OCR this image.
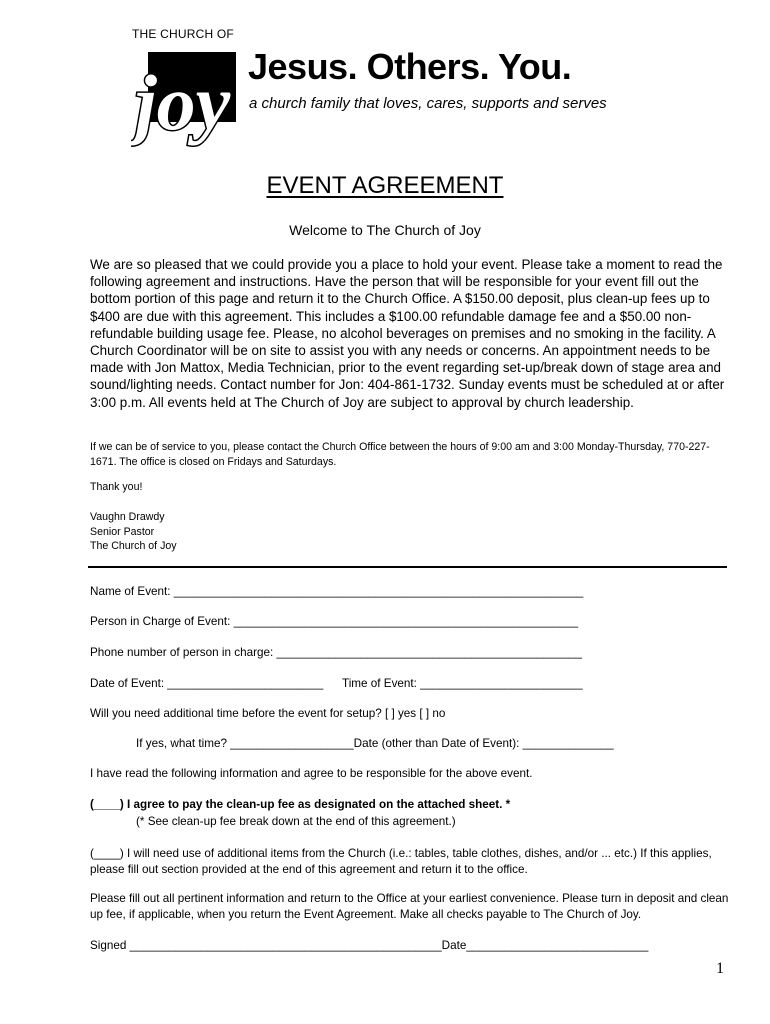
THE CHURCH OF
joy Jesus. Others. You.
a church family that loves, cares, supports and serves
EVENT AGREEMENT
Welcome to The Church of Joy
We are so pleased that we could provide you a place to hold your event. Please take a moment to read the following agreement and instructions. Have the person that will be responsible for your event fill out the bottom portion of this page and return it to the Church Office. A $150.00 deposit, plus clean-up fees up to $400 are due with this agreement. This includes a $100.00 refundable damage fee and a $50.00 non-refundable building usage fee. Please, no alcohol beverages on premises and no smoking in the facility. A Church Coordinator will be on site to assist you with any needs or concerns. An appointment needs to be made with Jon Mattox, Media Technician, prior to the event regarding set-up/break down of stage area and sound/lighting needs. Contact number for Jon: 404-861-1732. Sunday events must be scheduled at or after 3:00 p.m. All events held at The Church of Joy are subject to approval by church leadership.
If we can be of service to you, please contact the Church Office between the hours of 9:00 am and 3:00 Monday-Thursday, 770-227-1671. The office is closed on Fridays and Saturdays.
Thank you!
Vaughn Drawdy
Senior Pastor
The Church of Joy
Name of Event: _______________________________________________________________
Person in Charge of Event: _____________________________________________________
Phone number of person in charge: _______________________________________________
Date of Event: ________________________ Time of Event: _________________________
Will you need additional time before the event for setup? [ ] yes [ ] no
If yes, what time? ___________________Date (other than Date of Event): ______________
I have read the following information and agree to be responsible for the above event.
(____) I agree to pay the clean-up fee as designated on the attached sheet. *
(* See clean-up fee break down at the end of this agreement.)
(____) I will need use of additional items from the Church (i.e.: tables, table clothes, dishes, and/or ... etc.) If this applies, please fill out section provided at the end of this agreement and return it to the office.
Please fill out all pertinent information and return to the Office at your earliest convenience. Please turn in deposit and clean up fee, if applicable, when you return the Event Agreement. Make all checks payable to The Church of Joy.
Signed ________________________________________________Date____________________________
1
